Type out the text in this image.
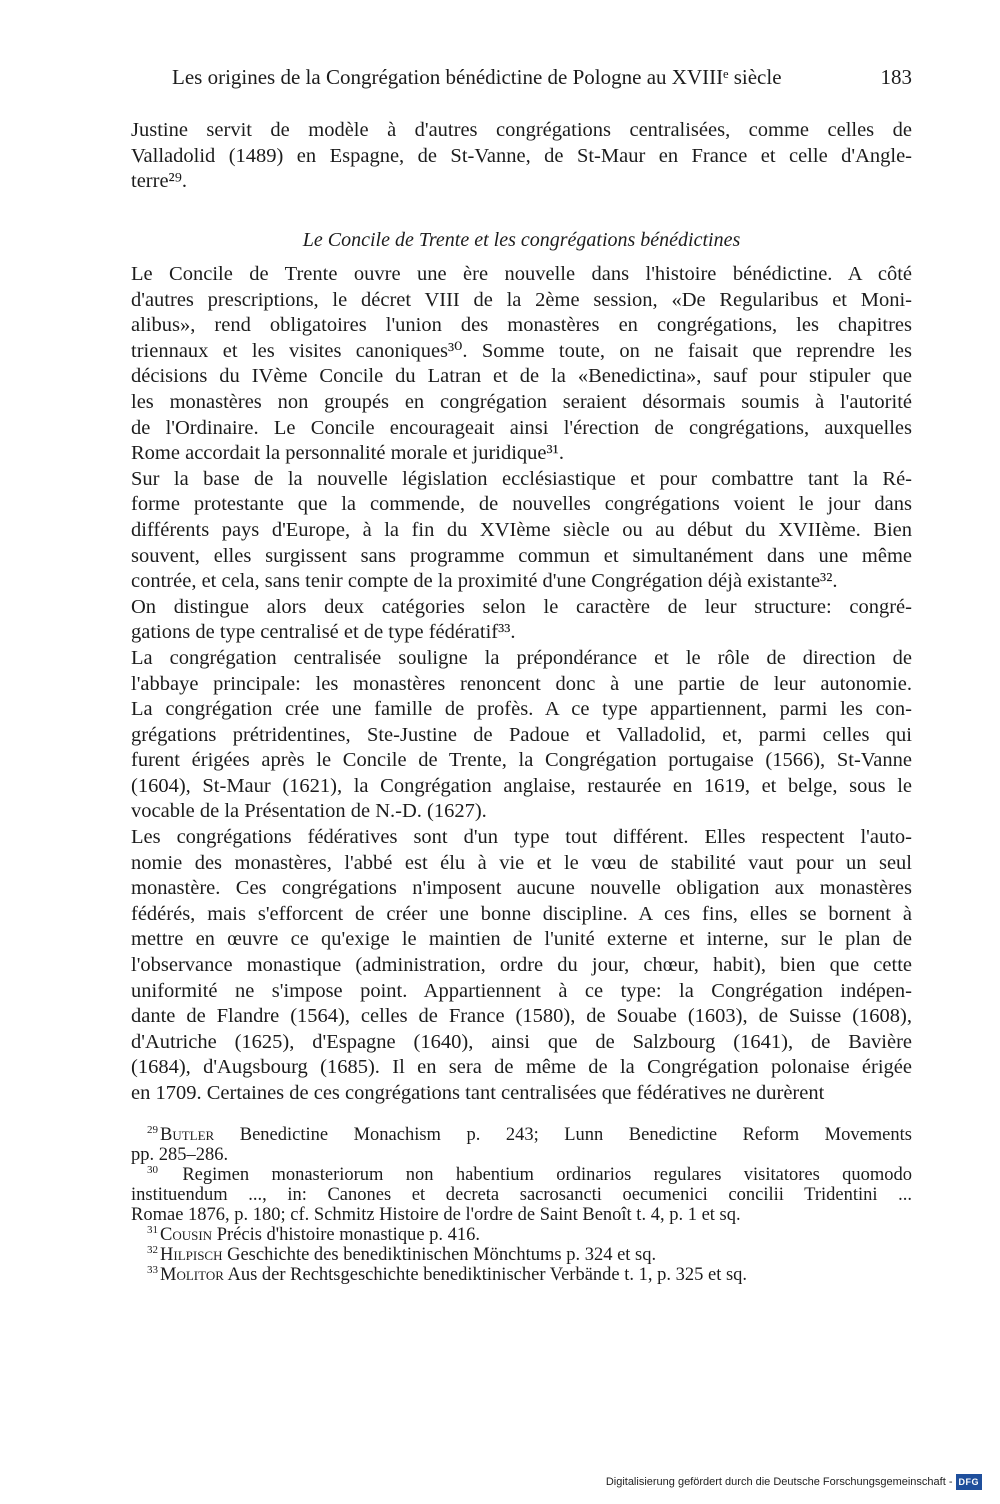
Les origines de la Congrégation bénédictine de Pologne au XVIIIᵉ siècle	183
Justine servit de modèle à d'autres congrégations centralisées, comme celles de
Valladolid (1489) en Espagne, de St-Vanne, de St-Maur en France et celle d'Angle-
terre²⁹.
Le Concile de Trente et les congrégations bénédictines
Le Concile de Trente ouvre une ère nouvelle dans l'histoire bénédictine. A côté
d'autres prescriptions, le décret VIII de la 2ème session, «De Regularibus et Moni-
alibus», rend obligatoires l'union des monastères en congrégations, les chapitres
triennaux et les visites canoniques³⁰. Somme toute, on ne faisait que reprendre les
décisions du IVème Concile du Latran et de la «Benedictina», sauf pour stipuler que
les monastères non groupés en congrégation seraient désormais soumis à l'autorité
de l'Ordinaire. Le Concile encourageait ainsi l'érection de congrégations, auxquelles
Rome accordait la personnalité morale et juridique³¹.
Sur la base de la nouvelle législation ecclésiastique et pour combattre tant la Ré-
forme protestante que la commende, de nouvelles congrégations voient le jour dans
différents pays d'Europe, à la fin du XVIème siècle ou au début du XVIIème. Bien
souvent, elles surgissent sans programme commun et simultanément dans une même
contrée, et cela, sans tenir compte de la proximité d'une Congrégation déjà existante³².
On distingue alors deux catégories selon le caractère de leur structure: congré-
gations de type centralisé et de type fédératif³³.
La congrégation centralisée souligne la prépondérance et le rôle de direction de
l'abbaye principale: les monastères renoncent donc à une partie de leur autonomie.
La congrégation crée une famille de profès. A ce type appartiennent, parmi les con-
grégations prétridentines, Ste-Justine de Padoue et Valladolid, et, parmi celles qui
furent érigées après le Concile de Trente, la Congrégation portugaise (1566), St-Vanne
(1604), St-Maur (1621), la Congrégation anglaise, restaurée en 1619, et belge, sous le
vocable de la Présentation de N.-D. (1627).
Les congrégations fédératives sont d'un type tout différent. Elles respectent l'auto-
nomie des monastères, l'abbé est élu à vie et le vœu de stabilité vaut pour un seul
monastère. Ces congrégations n'imposent aucune nouvelle obligation aux monastères
fédérés, mais s'efforcent de créer une bonne discipline. A ces fins, elles se bornent à
mettre en œuvre ce qu'exige le maintien de l'unité externe et interne, sur le plan de
l'observance monastique (administration, ordre du jour, chœur, habit), bien que cette
uniformité ne s'impose point. Appartiennent à ce type: la Congrégation indépen-
dante de Flandre (1564), celles de France (1580), de Souabe (1603), de Suisse (1608),
d'Autriche (1625), d'Espagne (1640), ainsi que de Salzbourg (1641), de Bavière
(1684), d'Augsbourg (1685). Il en sera de même de la Congrégation polonaise érigée
en 1709. Certaines de ces congrégations tant centralisées que fédératives ne durèrent
$^{29}$ Butler Benedictine Monachism p. 243; Lunn Benedictine Reform Movements
pp. 285–286.
$^{30}$ Regimen monasteriorum non habentium ordinarios regulares visitatores quomodo
instituendum ..., in: Canones et decreta sacrosancti oecumenici concilii Tridentini ...
Romae 1876, p. 180; cf. Schmitz Histoire de l'ordre de Saint Benoît t. 4, p. 1 et sq.
$^{31}$ Cousin Précis d'histoire monastique p. 416.
$^{32}$ Hilpisch Geschichte des benediktinischen Mönchtums p. 324 et sq.
$^{33}$ Molitor Aus der Rechtsgeschichte benediktinischer Verbände t. 1, p. 325 et sq.
Digitalisierung gefördert durch die Deutsche Forschungsgemeinschaft - DFG
